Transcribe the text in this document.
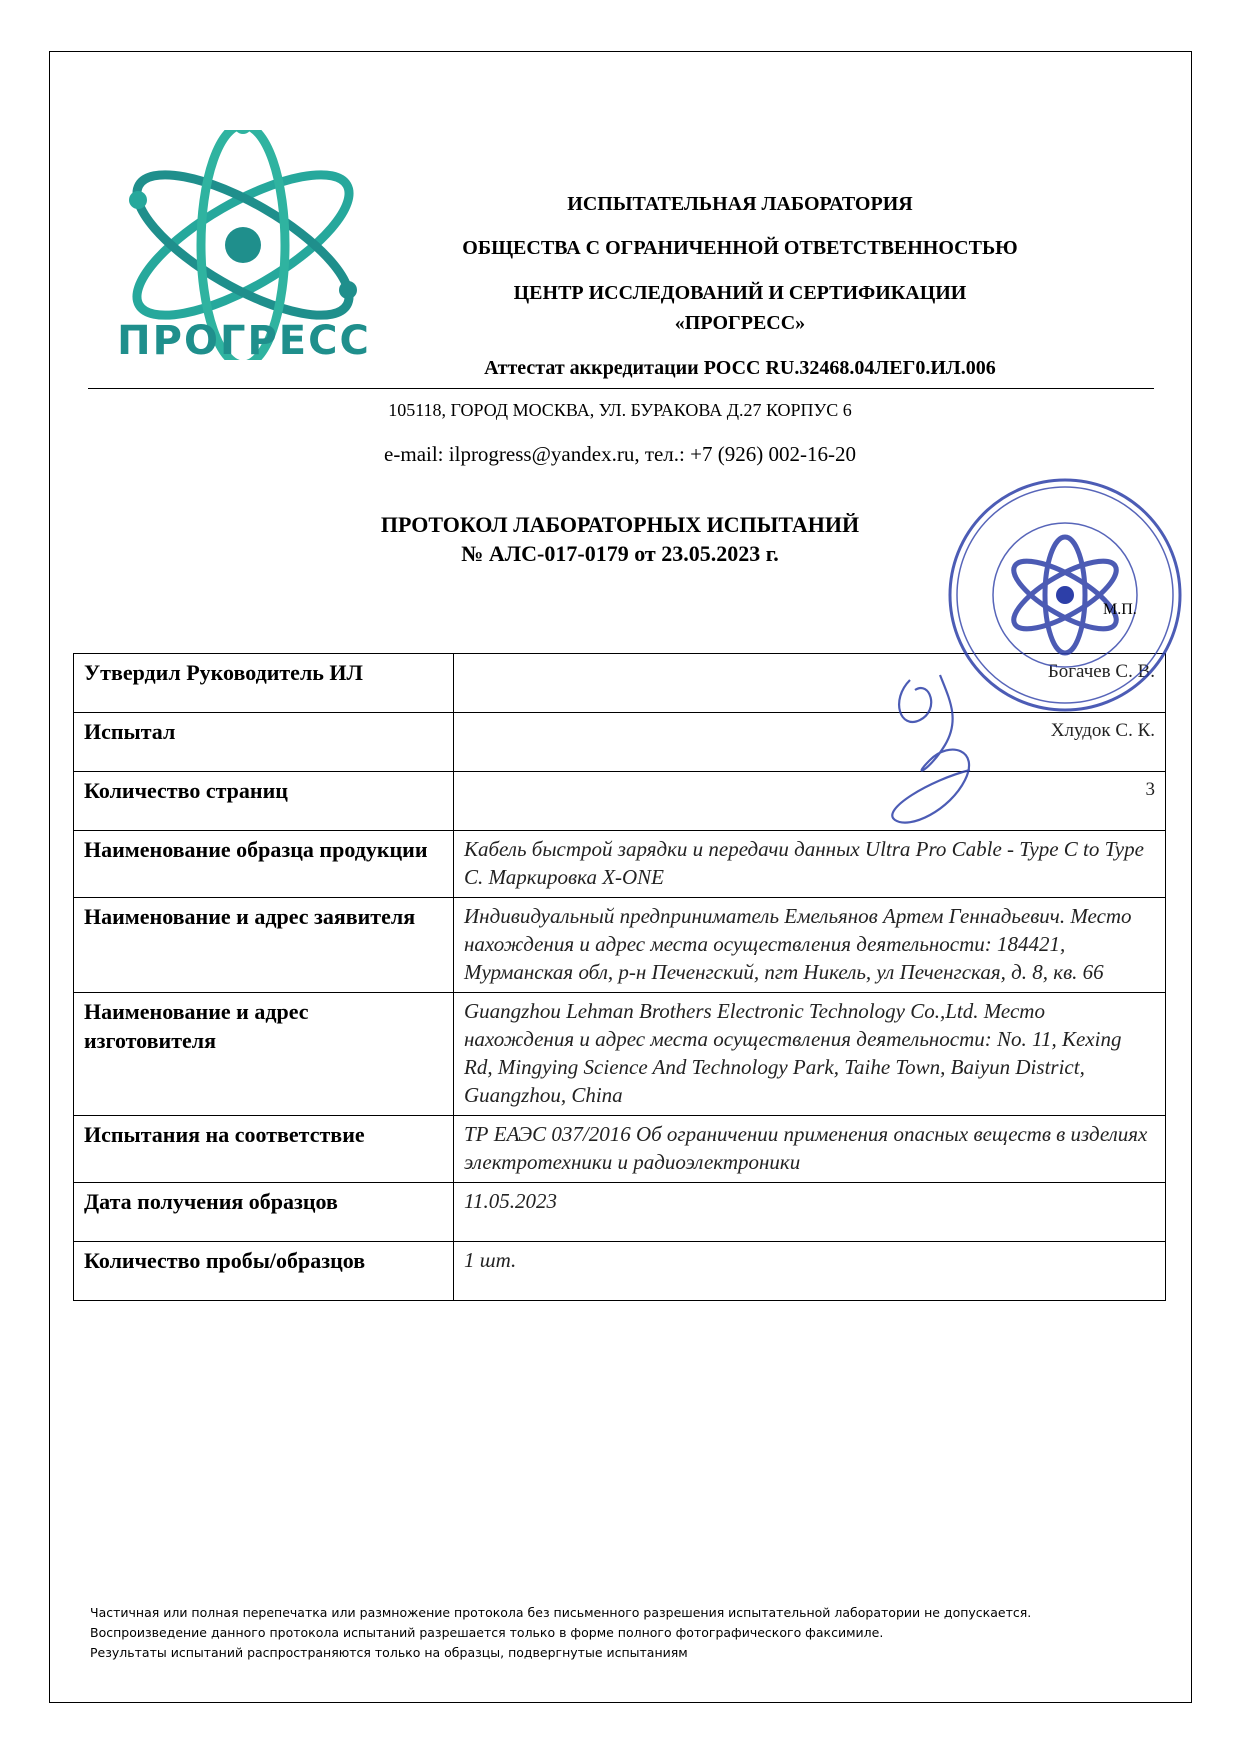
ПРОГРЕСС
ИСПЫТАТЕЛЬНАЯ ЛАБОРАТОРИЯ
ОБЩЕСТВА С ОГРАНИЧЕННОЙ ОТВЕТСТВЕННОСТЬЮ
ЦЕНТР ИССЛЕДОВАНИЙ И СЕРТИФИКАЦИИ
«ПРОГРЕСС»
Аттестат аккредитации РОСС RU.32468.04ЛЕГ0.ИЛ.006
105118, ГОРОД МОСКВА, УЛ. БУРАКОВА Д.27 КОРПУС 6
e-mail: ilprogress@yandex.ru, тел.: +7 (926) 002-16-20
ПРОТОКОЛ ЛАБОРАТОРНЫХ ИСПЫТАНИЙ
№ АЛС-017-0179 от 23.05.2023 г.
Утвердил Руководитель ИЛ	Богачев С. В.
Испытал	Хлудок С. К.
Количество страниц	3
Наименование образца продукции	Кабель быстрой зарядки и передачи данных Ultra Pro Cable - Type C to Type C. Маркировка X-ONE
Наименование и адрес заявителя	Индивидуальный предприниматель Емельянов Артем Геннадьевич. Место нахождения и адрес места осуществления деятельности: 184421, Мурманская обл, р-н Печенгский, пгт Никель, ул Печенгская, д. 8, кв. 66
Наименование и адрес изготовителя	Guangzhou Lehman Brothers Electronic Technology Co.,Ltd. Место нахождения и адрес места осуществления деятельности: No. 11, Kexing Rd, Mingying Science And Technology Park, Taihe Town, Baiyun District, Guangzhou, China
Испытания на соответствие	ТР ЕАЭС 037/2016 Об ограничении применения опасных веществ в изделиях электротехники и радиоэлектроники
Дата получения образцов	11.05.2023
Количество пробы/образцов	1 шт.
М.П.
Частичная или полная перепечатка или размножение протокола без письменного разрешения испытательной лаборатории не допускается.
Воспроизведение данного протокола испытаний разрешается только в форме полного фотографического факсимиле.
Результаты испытаний распространяются только на образцы, подвергнутые испытаниям
